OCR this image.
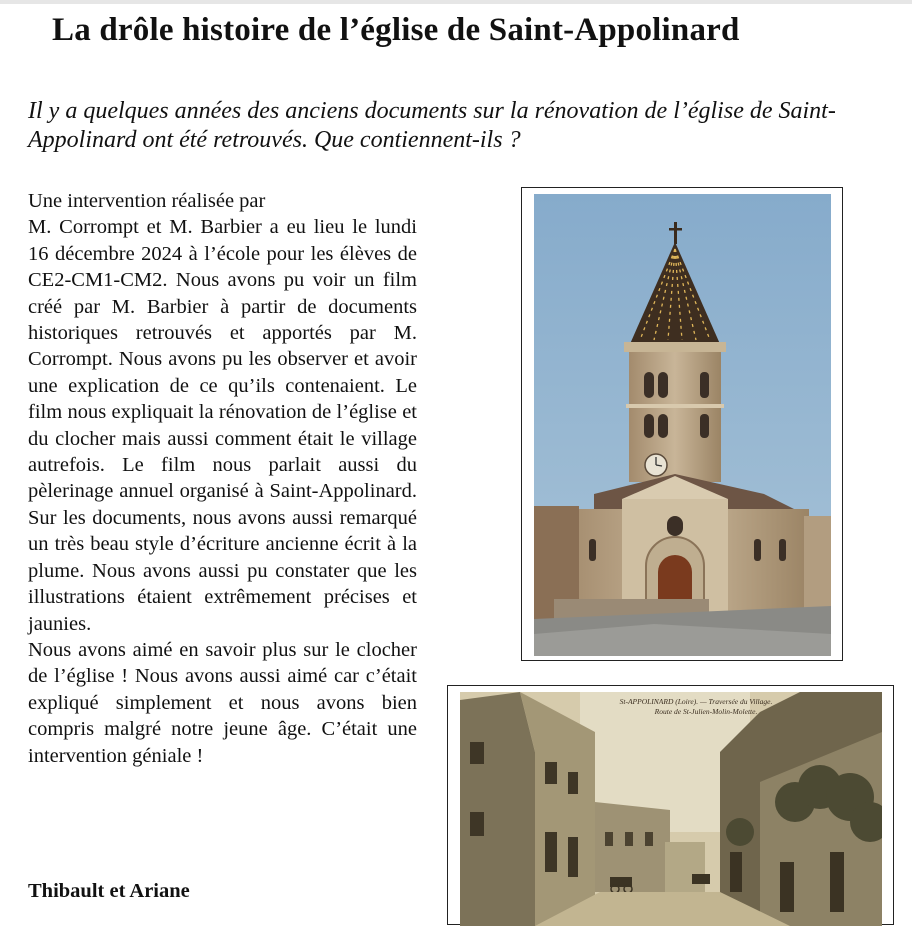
La drôle histoire de l’église de Saint-Appolinard
Il y a quelques années des anciens documents sur la rénovation de l’église de Saint-Appolinard ont été retrouvés. Que contiennent-ils ?

Une intervention réalisée par

M. Corrompt et M. Barbier a eu lieu le lundi 16 décembre 2024 à l’école pour les élèves de CE2-CM1-CM2. Nous avons pu voir un film créé par M. Barbier à partir de documents historiques retrouvés et apportés par M. Corrompt. Nous avons pu les observer et avoir une explication de ce qu’ils contenaient. Le film nous expliquait la rénovation de l’église et du clocher mais aussi comment était le village autrefois. Le film nous parlait aussi du pèlerinage annuel organisé à Saint-Appolinard. Sur les documents, nous avons aussi remarqué un très beau style d’écriture ancienne écrit à la plume. Nous avons aussi pu constater que les illustrations étaient extrêmement précises et jaunies.

Nous avons aimé en savoir plus sur le clocher de l’église ! Nous avons aussi aimé car c’était expliqué simplement et nous avons bien compris malgré notre jeune âge. C’était une intervention géniale !

Thibault et Ariane
St-APPOLINARD (Loire). — Traversée du Village.
Route de St-Julien-Molin-Molette.
